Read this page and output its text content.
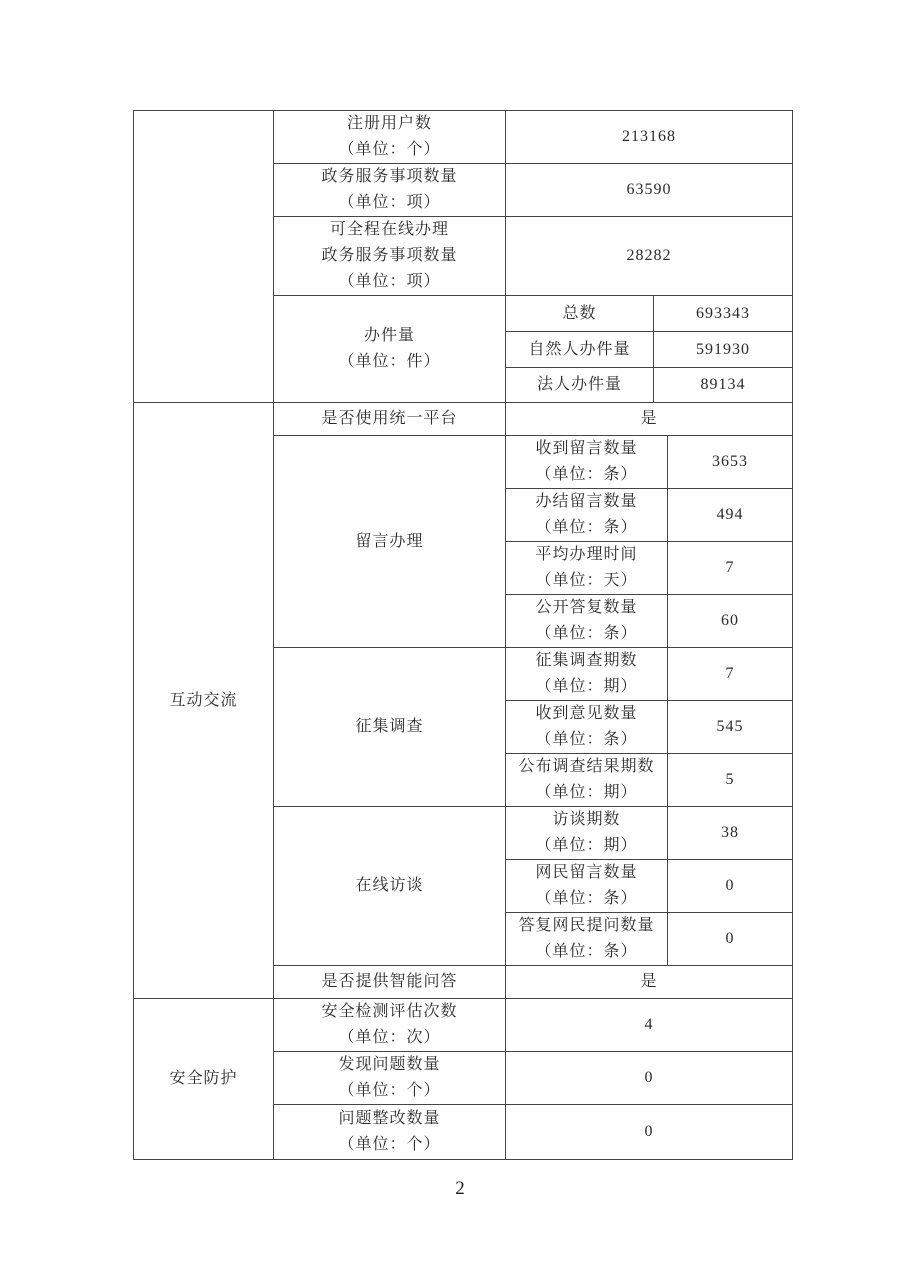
	注册用户数
（单位：个）	213168		

	政务服务事项数量
（单位：项）	63590		

	可全程在线办理
政务服务事项数量
（单位：项）	28282		

	办件量
（单位：件）	总数	693343	
		自然人办件量	591930	
		法人办件量	89134	
互动交流	是否使用统一平台	是		
	留言办理	收到留言数量
（单位：条）		3653

		办结留言数量
（单位：条）		494

		平均办理时间
（单位：天）		7

		公开答复数量
（单位：条）		60
	征集调查	征集调查期数
（单位：期）		7

		收到意见数量
（单位：条）		545

		公布调查结果期数
（单位：期）		5
	在线访谈	访谈期数
（单位：期）		38

		网民留言数量
（单位：条）		0

		答复网民提问数量
（单位：条）		0
	是否提供智能问答	是		
安全防护	安全检测评估次数
（单位：次）	4		

	发现问题数量
（单位：个）	0		

	问题整改数量
（单位：个）	0		
2
